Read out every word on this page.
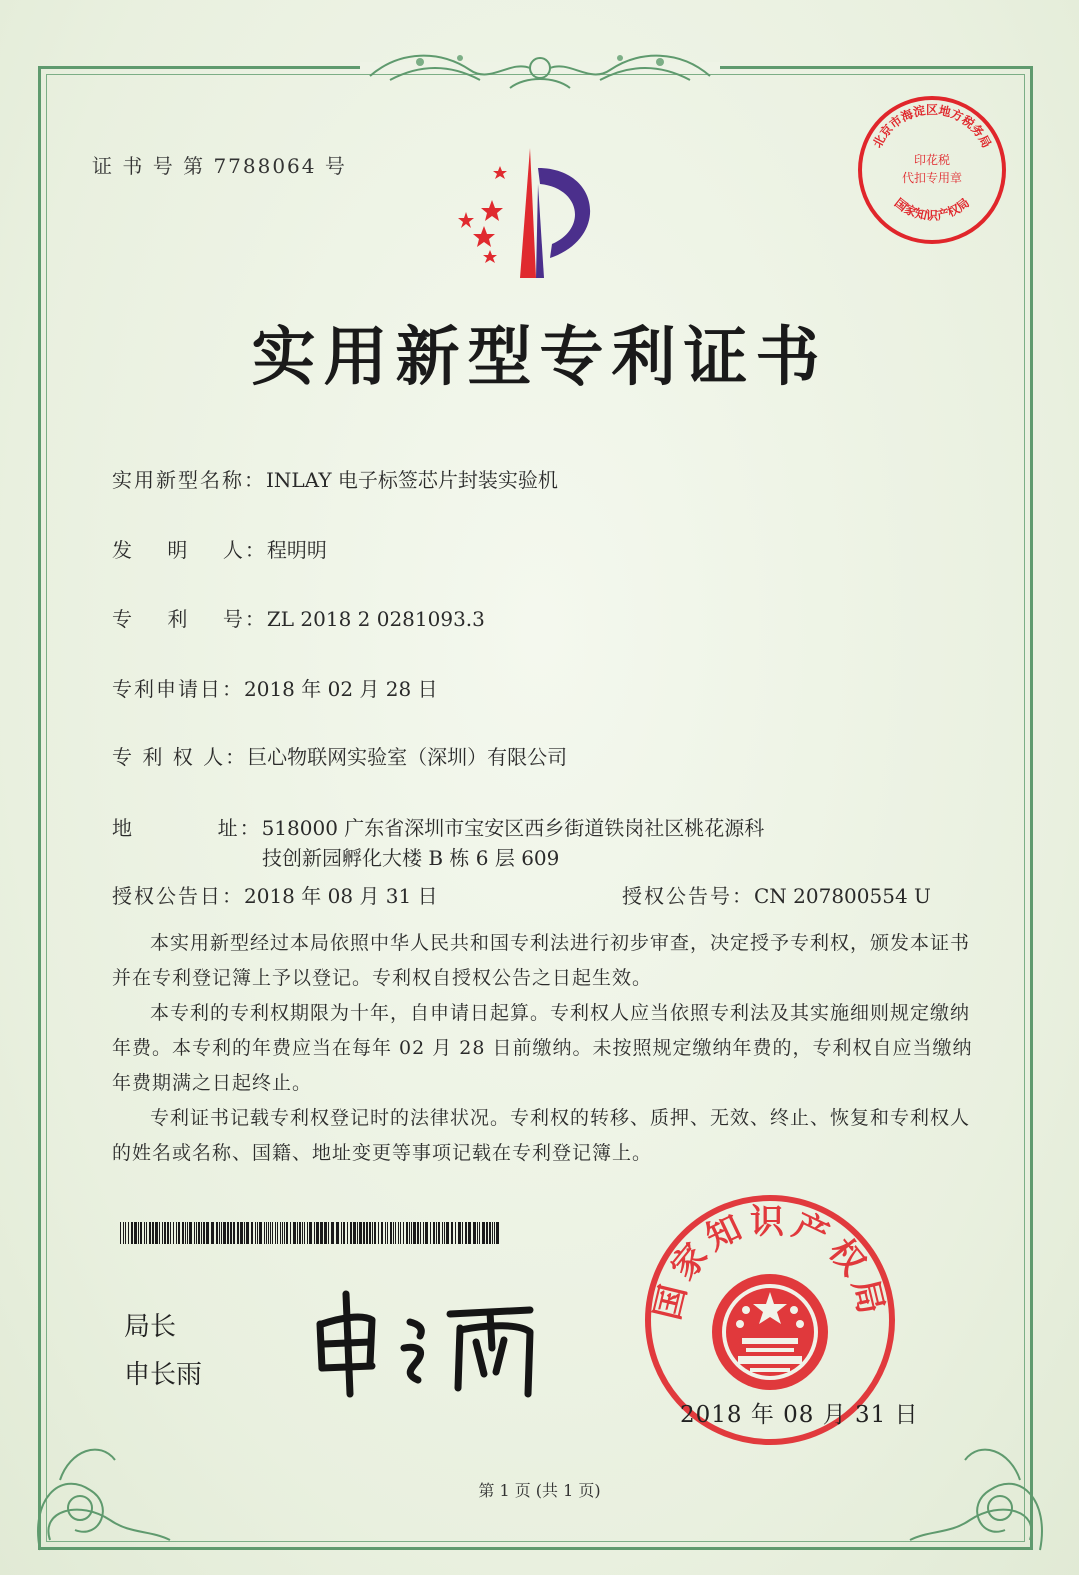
证 书 号 第 7788064 号
北京市海淀区地方税务局
印花税
代扣专用章
国家知识产权局
实用新型专利证书
实用新型名称：INLAY 电子标签芯片封装实验机
发    明    人：程明明
专    利    号：ZL 2018 2 0281093.3
专利申请日：2018 年 02 月 28 日
专 利 权 人：巨心物联网实验室（深圳）有限公司
地          址：518000 广东省深圳市宝安区西乡街道铁岗社区桃花源科
技创新园孵化大楼 B 栋 6 层 609
授权公告日：2018 年 08 月 31 日	授权公告号：CN 207800554 U

本实用新型经过本局依照中华人民共和国专利法进行初步审查，决定授予专利权，颁发本证书并在专利登记簿上予以登记。专利权自授权公告之日起生效。

本专利的专利权期限为十年，自申请日起算。专利权人应当依照专利法及其实施细则规定缴纳年费。本专利的年费应当在每年 02 月 28 日前缴纳。未按照规定缴纳年费的，专利权自应当缴纳年费期满之日起终止。

专利证书记载专利权登记时的法律状况。专利权的转移、质押、无效、终止、恢复和专利权人的姓名或名称、国籍、地址变更等事项记载在专利登记簿上。

局长
申长雨
国家知识产权局
2018 年 08 月 31 日
第 1 页 (共 1 页)
